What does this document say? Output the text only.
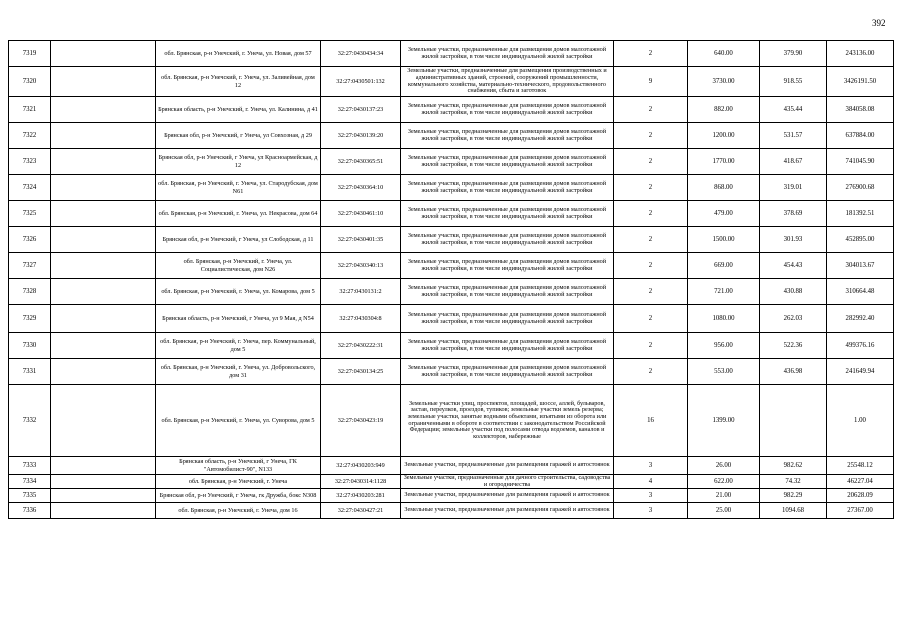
392
7319		обл. Брянская, р-н Унечский, г. Унеча, ул. Новая, дом 57	32:27:0430434:34	Земельные участки, предназначенные для размещения домов малоэтажной жилой застройки, в том числе индивидуальной жилой застройки	2	640.00	379.90	243136.00
7320		обл. Брянская, р-н Унечский, г. Унеча, ул. Заливейная, дом 12	32:27:0430501:132	Земельные участки, предназначенные для размещения производственных и административных зданий, строений, сооружений промышленности, коммунального хозяйства, материально-технического, продовольственного снабжения, сбыта и заготовок	9	3730.00	918.55	3426191.50
7321		Брянская область, р-н Унечский, г. Унеча, ул. Калинина, д 41	32:27:0430137:23	Земельные участки, предназначенные для размещения домов малоэтажной жилой застройки, в том числе индивидуальной жилой застройки	2	882.00	435.44	384058.08
7322		Брянская обл, р-н Унечский, г Унеча, ул Совхозная, д 29	32:27:0430139:20	Земельные участки, предназначенные для размещения домов малоэтажной жилой застройки, в том числе индивидуальной жилой застройки	2	1200.00	531.57	637884.00
7323		Брянская обл, р-н Унечский, г Унеча, ул Красноармейская, д 12	32:27:0430365:51	Земельные участки, предназначенные для размещения домов малоэтажной жилой застройки, в том числе индивидуальной жилой застройки	2	1770.00	418.67	741045.90
7324		обл. Брянская, р-н Унечский, г. Унеча, ул. Стародубская, дом N61	32:27:0430364:10	Земельные участки, предназначенные для размещения домов малоэтажной жилой застройки, в том числе индивидуальной жилой застройки	2	868.00	319.01	276900.68
7325		обл. Брянская, р-н Унечский, г. Унеча, ул. Некрасова, дом 64	32:27:0430461:10	Земельные участки, предназначенные для размещения домов малоэтажной жилой застройки, в том числе индивидуальной жилой застройки	2	479.00	378.69	181392.51
7326		Брянская обл, р-н Унечский, г Унеча, ул Слободская, д 11	32:27:0430401:35	Земельные участки, предназначенные для размещения домов малоэтажной жилой застройки, в том числе индивидуальной жилой застройки	2	1500.00	301.93	452895.00
7327		обл. Брянская, р-н Унечский, г. Унеча, ул. Социалистическая, дом N26	32:27:0430340:13	Земельные участки, предназначенные для размещения домов малоэтажной жилой застройки, в том числе индивидуальной жилой застройки	2	669.00	454.43	304013.67
7328		обл. Брянская, р-н Унечский, г. Унеча, ул. Комарова, дом 5	32:27:0430131:2	Земельные участки, предназначенные для размещения домов малоэтажной жилой застройки, в том числе индивидуальной жилой застройки	2	721.00	430.88	310664.48
7329		Брянская область, р-н Унечский, г Унеча, ул 9 Мая, д N54	32:27:0430304:8	Земельные участки, предназначенные для размещения домов малоэтажной жилой застройки, в том числе индивидуальной жилой застройки	2	1080.00	262.03	282992.40
7330		обл. Брянская, р-н Унечский, г. Унеча, пер. Коммунальный, дом 5	32:27:0430222:31	Земельные участки, предназначенные для размещения домов малоэтажной жилой застройки, в том числе индивидуальной жилой застройки	2	956.00	522.36	499376.16
7331		обл. Брянская, р-н Унечский, г. Унеча, ул. Добровольского, дом 31	32:27:0430134:25	Земельные участки, предназначенные для размещения домов малоэтажной жилой застройки, в том числе индивидуальной жилой застройки	2	553.00	436.98	241649.94
7332		обл. Брянская, р-н Унечский, г. Унеча, ул. Суворова, дом 5	32:27:0430423:19	Земельные участки улиц, проспектов, площадей, шоссе, аллей, бульваров, застав, переулков, проездов, тупиков; земельные участки земель резерва; земельные участки, занятые водными объектами, изъятыми из оборота или ограниченными в обороте в соответствии с законодательством Российской Федерации; земельные участки под полосами отвода водоемов, каналов и коллекторов, набережные	16	1399.00		1.00
7333		Брянская область, р-н Унечский, г Унеча, ГК "Автомобилист-90", N133	32:27:0430203:949	Земельные участки, предназначенные для размещения гаражей и автостоянок	3	26.00	982.62	25548.12
7334		обл. Брянская, р-н Унечский, г. Унеча	32:27:0430314:1128	Земельные участки, предназначенные для дачного строительства, садоводства и огородничества	4	622.00	74.32	46227.04
7335		Брянская обл, р-н Унечский, г Унеча, гк Дружба, бокс N308	32:27:0430203:281	Земельные участки, предназначенные для размещения гаражей и автостоянок	3	21.00	982.29	20628.09
7336		обл. Брянская, р-н Унечский, г. Унеча, дом 16	32:27:0430427:21	Земельные участки, предназначенные для размещения гаражей и автостоянок	3	25.00	1094.68	27367.00
